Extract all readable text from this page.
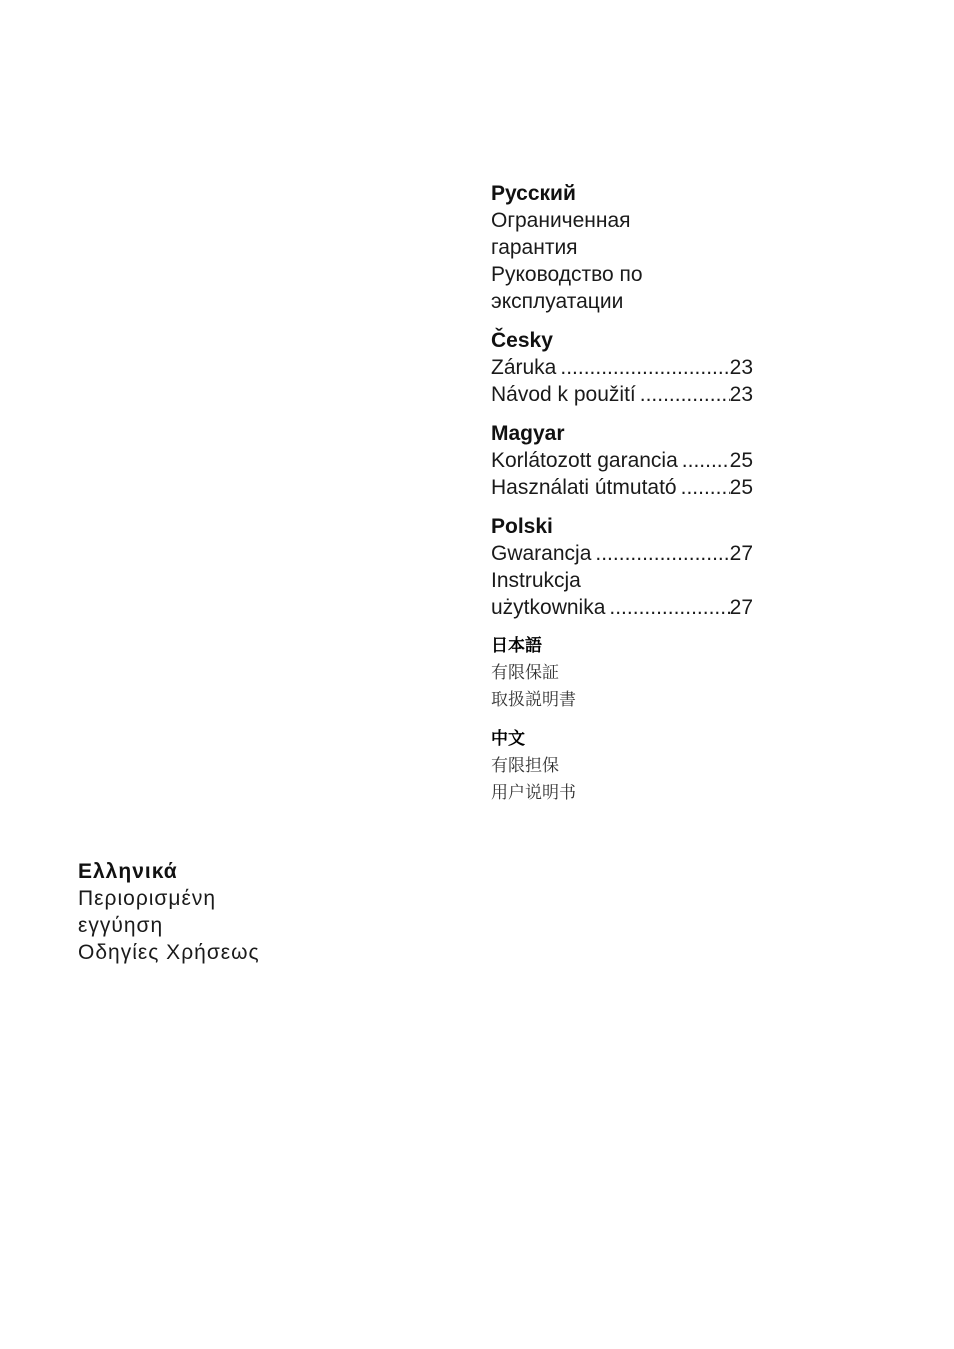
Русский
Ограниченная
гарантия
Руководство по
эксплуатации
Česky
Záruka .....	23
Návod k použití .....	23
Magyar
Korlátozott garancia ..... 25
Használati útmutató .....	25
Polski
Gwarancja .....	27
Instrukcja
użytkownika .....	27
日本語
有限保証
取扱説明書
中文
有限担保
用户说明书
Ελληνικά
Περιορισμένη
εγγύηση
Οδηγίες Χρήσεως
